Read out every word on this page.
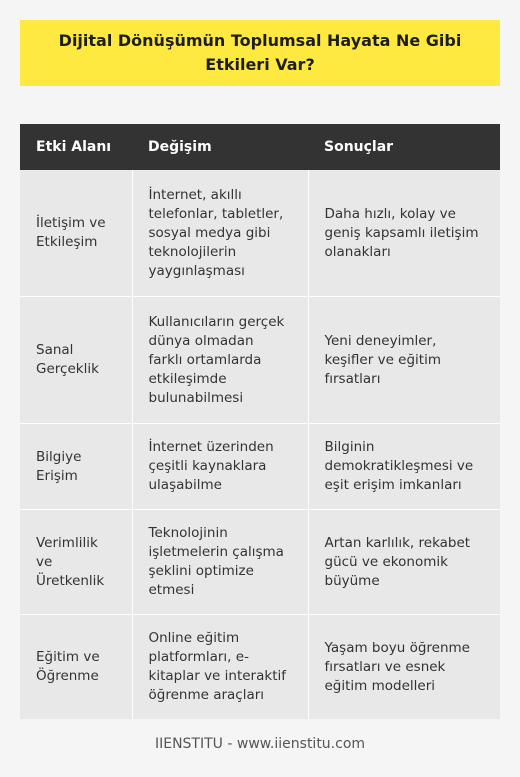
Dijital Dönüşümün Toplumsal Hayata Ne Gibi Etkileri Var?
Etki Alanı	Değişim	Sonuçlar
İletişim ve Etkileşim	İnternet, akıllı telefonlar, tabletler, sosyal medya gibi teknolojilerin yaygınlaşması	Daha hızlı, kolay ve geniş kapsamlı iletişim olanakları
Sanal Gerçeklik	Kullanıcıların gerçek dünya olmadan farklı ortamlarda etkileşimde bulunabilmesi	Yeni deneyimler, keşifler ve eğitim fırsatları
Bilgiye Erişim	İnternet üzerinden çeşitli kaynaklara ulaşabilme	Bilginin demokratikleşmesi ve eşit erişim imkanları
Verimlilik ve Üretkenlik	Teknolojinin işletmelerin çalışma şeklini optimize etmesi	Artan karlılık, rekabet gücü ve ekonomik büyüme
Eğitim ve Öğrenme	Online eğitim platformları, e-kitaplar ve interaktif öğrenme araçları	Yaşam boyu öğrenme fırsatları ve esnek eğitim modelleri
IIENSTITU - www.iienstitu.com
